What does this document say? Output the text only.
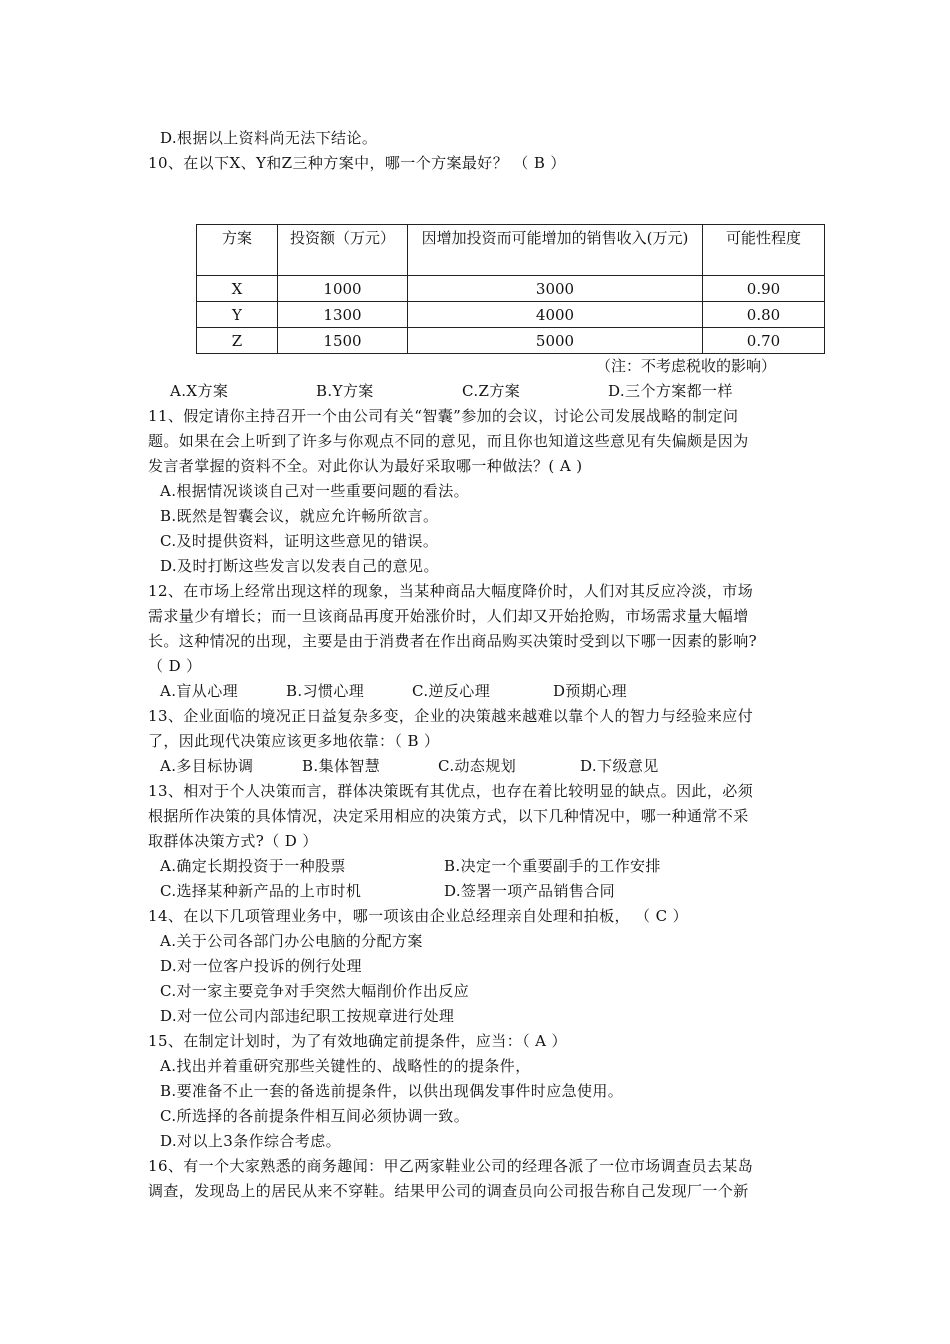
D.根据以上资料尚无法下结论。
10、在以下X、Y和Z三种方案中，哪一个方案最好？ （ B ）
方案	投资额（万元）	因增加投资而可能增加的销售收入(万元)	可能性程度
X	1000	3000	0.90
Y	1300	4000	0.80
Z	1500	5000	0.70
（注：不考虑税收的影响）
A.X方案	B.Y方案	C.Z方案	D.三个方案都一样
11、假定请你主持召开一个由公司有关“智囊”参加的会议，讨论公司发展战略的制定问
题。如果在会上听到了许多与你观点不同的意见，而且你也知道这些意见有失偏颇是因为
发言者掌握的资料不全。对此你认为最好采取哪一种做法？( A )
A.根据情况谈谈自己对一些重要问题的看法。
B.既然是智囊会议，就应允许畅所欲言。
C.及时提供资料，证明这些意见的错误。
D.及时打断这些发言以发表自己的意见。
12、在市场上经常出现这样的现象，当某种商品大幅度降价时，人们对其反应冷淡，市场
需求量少有增长；而一旦该商品再度开始涨价时，人们却又开始抢购，市场需求量大幅增
长。这种情况的出现，主要是由于消费者在作出商品购买决策时受到以下哪一因素的影响?
（ D ）
A.盲从心理	B.习惯心理	C.逆反心理	D预期心理
13、企业面临的境况正日益复杂多变，企业的决策越来越难以靠个人的智力与经验来应付
了，因此现代决策应该更多地依靠：（ B ）
A.多目标协调	B.集体智慧	C.动态规划	D.下级意见
13、相对于个人决策而言，群体决策既有其优点，也存在着比较明显的缺点。因此，必须
根据所作决策的具体情况，决定采用相应的决策方式，以下几种情况中，哪一种通常不采
取群体决策方式?（ D ）
A.确定长期投资于一种股票	B.决定一个重要副手的工作安排
C.选择某种新产品的上市时机	D.签署一项产品销售合同
14、在以下几项管理业务中，哪一项该由企业总经理亲自处理和拍板， （ C ）
A.关于公司各部门办公电脑的分配方案
D.对一位客户投诉的例行处理
C.对一家主要竞争对手突然大幅削价作出反应
D.对一位公司内部违纪职工按规章进行处理
15、在制定计划时，为了有效地确定前提条件，应当：（ A ）
A.找出并着重研究那些关键性的、战略性的的提条件，
B.要准备不止一套的备选前提条件，以供出现偶发事件时应急使用。
C.所选择的各前提条件相互间必须协调一致。
D.对以上3条作综合考虑。
16、有一个大家熟悉的商务趣闻：甲乙两家鞋业公司的经理各派了一位市场调查员去某岛
调查，发现岛上的居民从来不穿鞋。结果甲公司的调查员向公司报告称自己发现厂一个新
